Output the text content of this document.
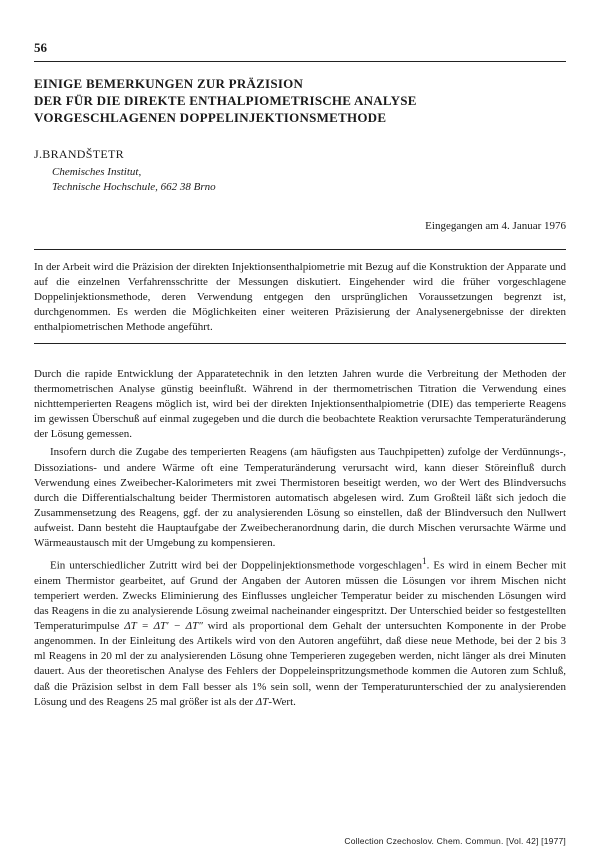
56
EINIGE BEMERKUNGEN ZUR PRÄZISION
DER FÜR DIE DIREKTE ENTHALPIOMETRISCHE ANALYSE
VORGESCHLAGENEN DOPPELINJEKTIONSMETHODE
J.BRANDŠTETR
Chemisches Institut,
Technische Hochschule, 662 38 Brno
Eingegangen am 4. Januar 1976
In der Arbeit wird die Präzision der direkten Injektionsenthalpiometrie mit Bezug auf die Konstruktion der Apparate und auf die einzelnen Verfahrensschritte der Messungen diskutiert. Eingehender wird die früher vorgeschlagene Doppelinjektionsmethode, deren Verwendung entgegen den ursprünglichen Voraussetzungen begrenzt ist, durchgenommen. Es werden die Möglichkeiten einer weiteren Präzisierung der Analysenergebnisse der direkten enthalpiometrischen Methode angeführt.

Durch die rapide Entwicklung der Apparatetechnik in den letzten Jahren wurde die Verbreitung der Methoden der thermometrischen Analyse günstig beeinflußt. Während in der thermometrischen Titration die Verwendung eines nichttemperierten Reagens möglich ist, wird bei der direkten Injektionsenthalpiometrie (DIE) das temperierte Reagens im gewissen Überschuß auf einmal zugegeben und die durch die beobachtete Reaktion verursachte Temperaturänderung der Lösung gemessen.

Insofern durch die Zugabe des temperierten Reagens (am häufigsten aus Tauchpipetten) zufolge der Verdünnungs-, Dissoziations- und andere Wärme oft eine Temperaturänderung verursacht wird, kann dieser Störeinfluß durch Verwendung eines Zweibecher-Kalorimeters mit zwei Thermistoren beseitigt werden, wo der Wert des Blindversuchs durch die Differentialschaltung beider Thermistoren automatisch abgelesen wird. Zum Großteil läßt sich jedoch die Zusammensetzung des Reagens, ggf. der zu analysierenden Lösung so einstellen, daß der Blindversuch den Nullwert aufweist. Dann besteht die Hauptaufgabe der Zweibecheranordnung darin, die durch Mischen verursachte Wärme und Wärmeaustausch mit der Umgebung zu kompensieren.

Ein unterschiedlicher Zutritt wird bei der Doppelinjektionsmethode vorgeschlagen$^1$. Es wird in einem Becher mit einem Thermistor gearbeitet, auf Grund der Angaben der Autoren müssen die Lösungen vor ihrem Mischen nicht temperiert werden. Zwecks Eliminierung des Einflusses ungleicher Temperatur beider zu mischenden Lösungen wird das Reagens in die zu analysierende Lösung zweimal nacheinander eingespritzt. Der Unterschied beider so festgestellten Temperaturimpulse ΔT = ΔT′ − ΔT″ wird als proportional dem Gehalt der untersuchten Komponente in der Probe angenommen. In der Einleitung des Artikels wird von den Autoren angeführt, daß diese neue Methode, bei der 2 bis 3 ml Reagens in 20 ml der zu analysierenden Lösung ohne Temperieren zugegeben werden, nicht länger als drei Minuten dauert. Aus der theoretischen Analyse des Fehlers der Doppeleinspritzungsmethode kommen die Autoren zum Schluß, daß die Präzision selbst in dem Fall besser als 1% sein soll, wenn der Temperaturunterschied der zu analysierenden Lösung und des Reagens 25 mal größer ist als der ΔT-Wert.

Collection Czechoslov. Chem. Commun. [Vol. 42] [1977]
